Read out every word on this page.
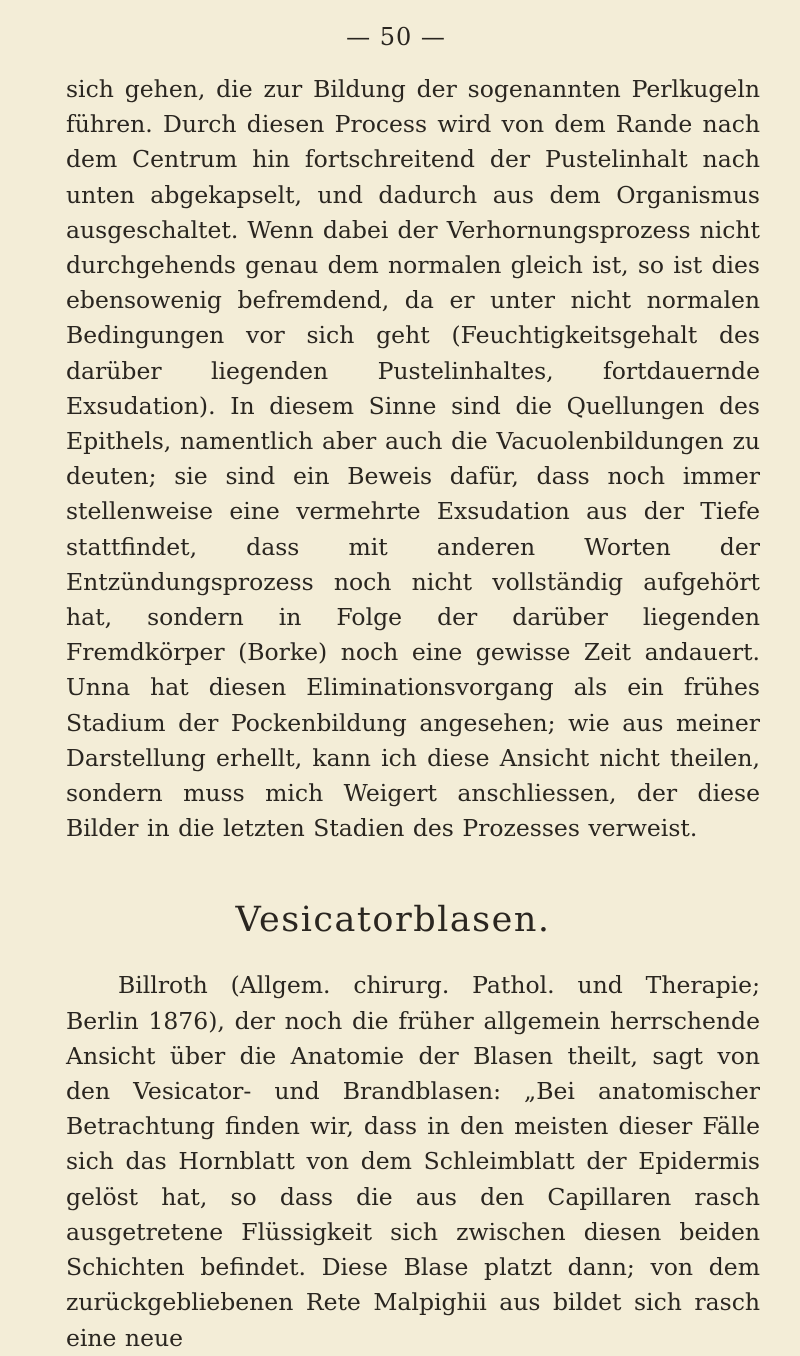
— 50 —

sich gehen, die zur Bildung der sogenannten Perlkugeln führen. Durch diesen Process wird von dem Rande nach dem Centrum hin fortschreitend der Pustelinhalt nach unten abgekapselt, und dadurch aus dem Organismus ausgeschaltet. Wenn dabei der Verhornungsprozess nicht durchgehends genau dem normalen gleich ist, so ist dies ebensowenig befremdend, da er unter nicht normalen Bedingungen vor sich geht (Feuchtigkeitsgehalt des darüber liegenden Pustelinhaltes, fortdauernde Exsudation). In diesem Sinne sind die Quellungen des Epithels, namentlich aber auch die Vacuolenbildungen zu deuten; sie sind ein Beweis dafür, dass noch immer stellenweise eine vermehrte Exsudation aus der Tiefe stattfindet, dass mit anderen Worten der Entzündungsprozess noch nicht vollständig aufgehört hat, sondern in Folge der darüber liegenden Fremdkörper (Borke) noch eine gewisse Zeit andauert. Unna hat diesen Eliminationsvorgang als ein frühes Stadium der Pockenbildung angesehen; wie aus meiner Darstellung erhellt, kann ich diese Ansicht nicht theilen, sondern muss mich Weigert anschliessen, der diese Bilder in die letzten Stadien des Prozesses verweist.

Vesicatorblasen.

Billroth (Allgem. chirurg. Pathol. und Therapie; Berlin 1876), der noch die früher allgemein herrschende Ansicht über die Anatomie der Blasen theilt, sagt von den Vesicator- und Brandblasen: „Bei anatomischer Betrachtung finden wir, dass in den meisten dieser Fälle sich das Hornblatt von dem Schleimblatt der Epidermis gelöst hat, so dass die aus den Capillaren rasch ausgetretene Flüssigkeit sich zwischen diesen beiden Schichten befindet. Diese Blase platzt dann; von dem zurückgebliebenen Rete Malpighii aus bildet sich rasch eine neue
